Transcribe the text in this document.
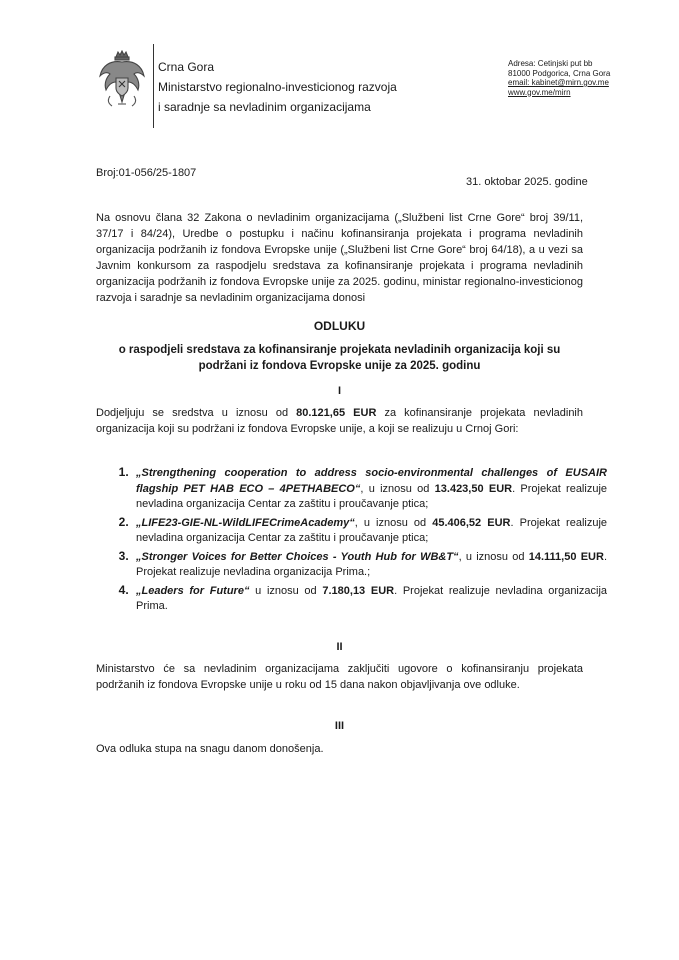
Crna Gora
Ministarstvo regionalno-investicionog razvoja
i saradnje sa nevladinim organizacijama
Adresa: Cetinjski put bb
81000 Podgorica, Crna Gora
email: kabinet@mirn.gov.me
www.gov.me/mirn
Broj:01-056/25-1807
31. oktobar 2025. godine
Na osnovu člana 32 Zakona o nevladinim organizacijama („Službeni list Crne Gore“ broj 39/11, 37/17 i 84/24), Uredbe o postupku i načinu kofinansiranja projekata i programa nevladinih organizacija podržanih iz fondova Evropske unije („Službeni list Crne Gore“ broj 64/18), a u vezi sa Javnim konkursom za raspodjelu sredstava za kofinansiranje projekata i programa nevladinih organizacija podržanih iz fondova Evropske unije za 2025. godinu, ministar regionalno-investicionog razvoja i saradnje sa nevladinim organizacijama donosi
ODLUKU
o raspodjeli sredstava za kofinansiranje projekata nevladinih organizacija koji su podržani iz fondova Evropske unije za 2025. godinu
I
Dodjeljuju se sredstva u iznosu od 80.121,65 EUR za kofinansiranje projekata nevladinih organizacija koji su podržani iz fondova Evropske unije, a koji se realizuju u Crnoj Gori:
1. „Strengthening cooperation to address socio-environmental challenges of EUSAIR flagship PET HAB ECO – 4PETHABECO“, u iznosu od 13.423,50 EUR. Projekat realizuje nevladina organizacija Centar za zaštitu i proučavanje ptica;
2. „LIFE23-GIE-NL-WildLIFECrimeAcademy“, u iznosu od 45.406,52 EUR. Projekat realizuje nevladina organizacija Centar za zaštitu i proučavanje ptica;
3. „Stronger Voices for Better Choices - Youth Hub for WB&T“, u iznosu od 14.111,50 EUR. Projekat realizuje nevladina organizacija Prima.;
4. „Leaders for Future“ u iznosu od 7.180,13 EUR. Projekat realizuje nevladina organizacija Prima.
II
Ministarstvo će sa nevladinim organizacijama zaključiti ugovore o kofinansiranju projekata podržanih iz fondova Evropske unije u roku od 15 dana nakon objavljivanja ove odluke.
III
Ova odluka stupa na snagu danom donošenja.
